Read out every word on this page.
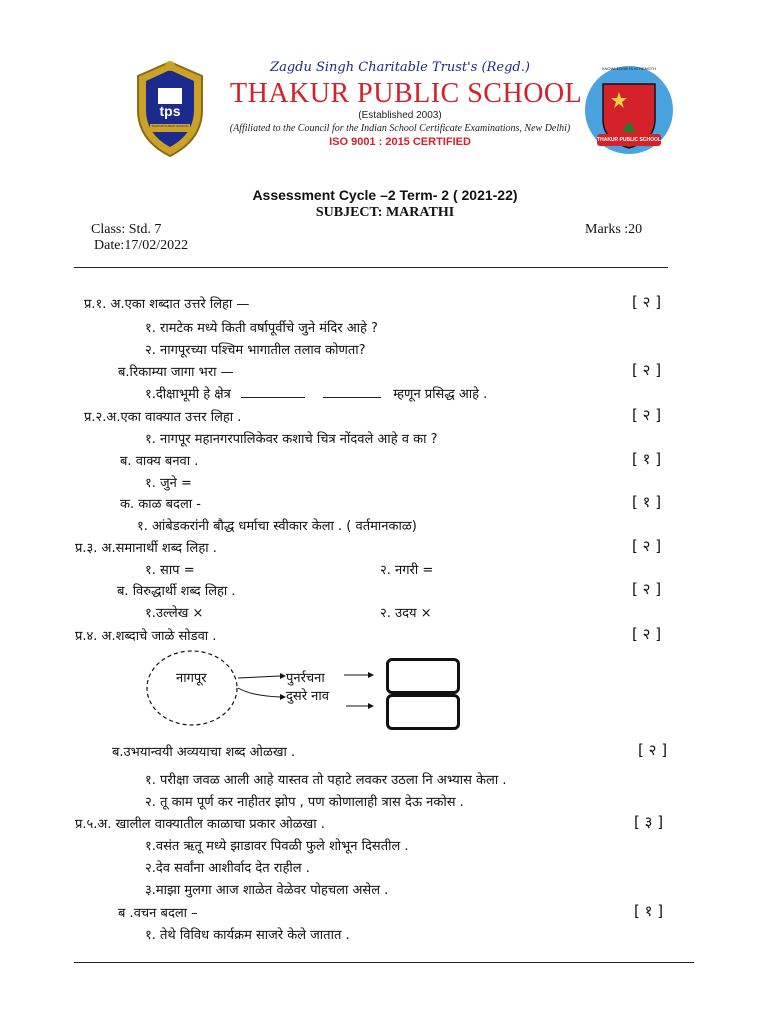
tps
THAKUR PUBLIC SCHOOL
Zagdu Singh Charitable Trust's (Regd.)
THAKUR PUBLIC SCHOOL
(Established 2003)
(Affiliated to the Council for the Indian School Certificate Examinations, New Delhi)
ISO 9001 : 2015 CERTIFIED
KNOWLEDGE IS STRENGTH
THAKUR PUBLIC SCHOOL
Assessment Cycle –2 Term- 2 ( 2021-22)
SUBJECT: MARATHI
Class: Std. 7
Date:17/02/2022
Marks :20
प्र.१. अ.एका शब्दात उत्तरे लिहा —	[ २ ]
१. रामटेक मध्ये किती वर्षापूर्वीचे जुने मंदिर आहे ?
२. नागपूरच्या पश्चिम भागातील तलाव कोणता?
ब.रिकाम्या जागा भरा —	[ २ ]
१.दीक्षाभूमी हे क्षेत्र	म्हणून प्रसिद्ध आहे .
प्र.२.अ.एका वाक्यात उत्तर लिहा .	[ २ ]
१. नागपूर महानगरपालिकेवर कशाचे चित्र नोंदवले आहे व का ?
ब. वाक्य बनवा .	[ १ ]
१. जुने =
क. काळ बदला -	[ १ ]
१. आंबेडकरांनी बौद्ध धर्माचा स्वीकार केला . ( वर्तमानकाळ)
प्र.३. अ.समानार्थी शब्द लिहा .	[ २ ]
१. साप =	२. नगरी =
ब. विरुद्धार्थी शब्द लिहा .	[ २ ]
१.उल्लेख ×	२. उदय ×
प्र.४. अ.शब्दाचे जाळे सोडवा .	[ २ ]
नागपूर	पुनर्रचना
दुसरे नाव
ब.उभयान्वयी अव्ययाचा शब्द ओळखा .	[ २ ]
१. परीक्षा जवळ आली आहे यास्तव तो पहाटे लवकर उठला नि अभ्यास केला .
२. तू काम पूर्ण कर नाहीतर झोप , पण कोणालाही त्रास देऊ नकोस .
प्र.५.अ. खालील वाक्यातील काळाचा प्रकार ओळखा .	[ ३ ]
१.वसंत ऋतू मध्ये झाडावर पिवळी फुले शोभून दिसतील .
२.देव सर्वांना आशीर्वाद देत राहील .
३.माझा मुलगा आज शाळेत वेळेवर पोहचला असेल .
ब .वचन बदला –	[ १ ]
१. तेथे विविध कार्यक्रम साजरे केले जातात .
